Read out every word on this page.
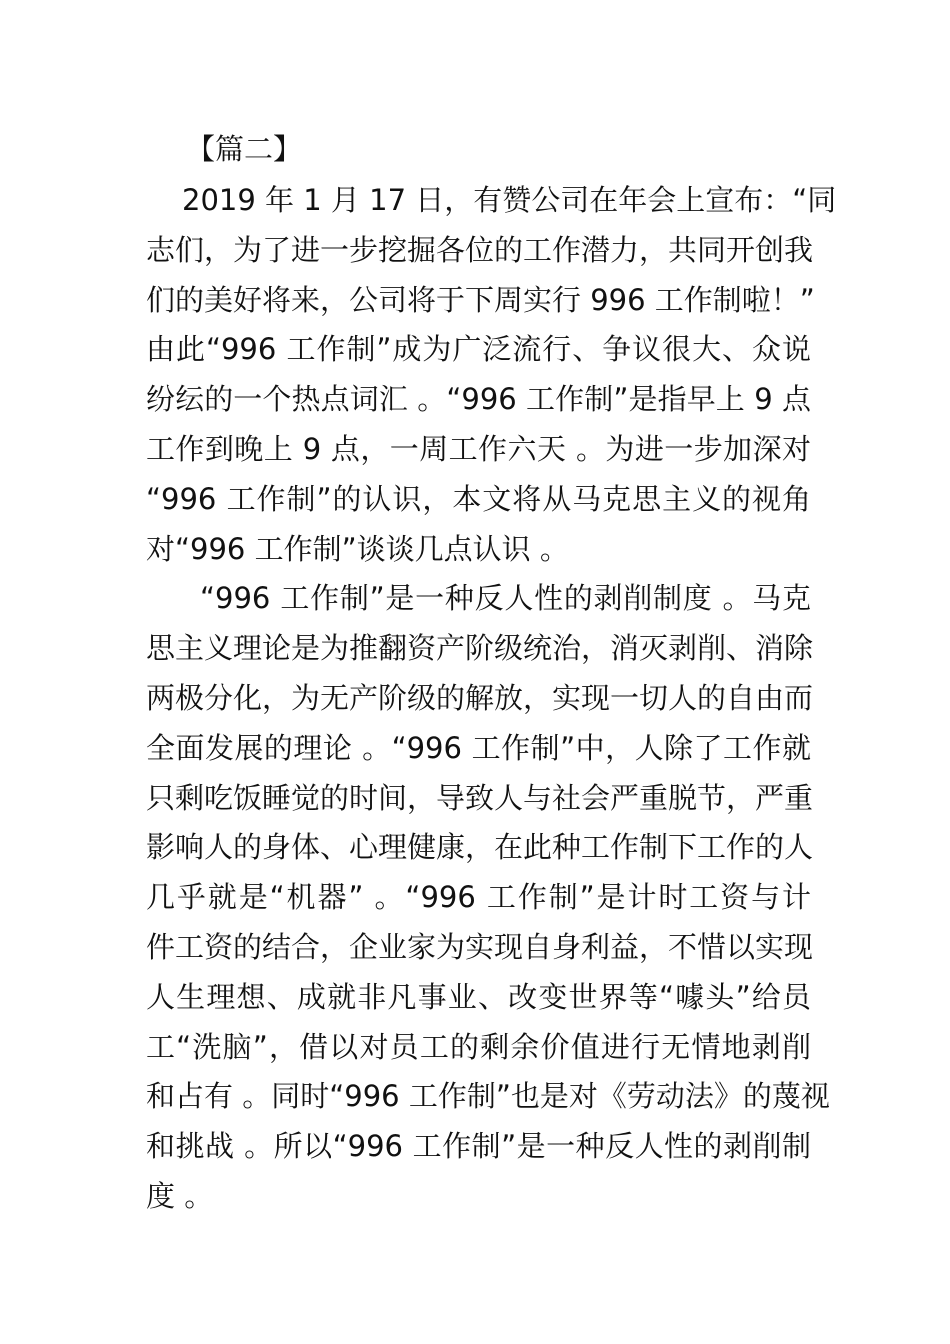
【篇二】

2019 年 1 月 17 日，有赞公司在年会上宣布：“同
志们，为了进一步挖掘各位的工作潜力，共同开创我
们的美好将来，公司将于下周实行 996 工作制啦！”
由此“996 工作制”成为广泛流行、争议很大、众说
纷纭的一个热点词汇 。“996 工作制”是指早上 9 点
工作到晚上 9 点，一周工作六天 。为进一步加深对
“996 工作制”的认识，本文将从马克思主义的视角
对“996 工作制”谈谈几点认识 。
“996 工作制”是一种反人性的剥削制度 。马克
思主义理论是为推翻资产阶级统治，消灭剥削、消除
两极分化，为无产阶级的解放，实现一切人的自由而
全面发展的理论 。“996 工作制”中，人除了工作就
只剩吃饭睡觉的时间，导致人与社会严重脱节，严重
影响人的身体、心理健康，在此种工作制下工作的人
几乎就是“机器” 。“996 工作制”是计时工资与计
件工资的结合，企业家为实现自身利益，不惜以实现
人生理想、成就非凡事业、改变世界等“噱头”给员
工“洗脑”，借以对员工的剩余价值进行无情地剥削
和占有 。同时“996 工作制”也是对《劳动法》的蔑视
和挑战 。所以“996 工作制”是一种反人性的剥削制
度 。
